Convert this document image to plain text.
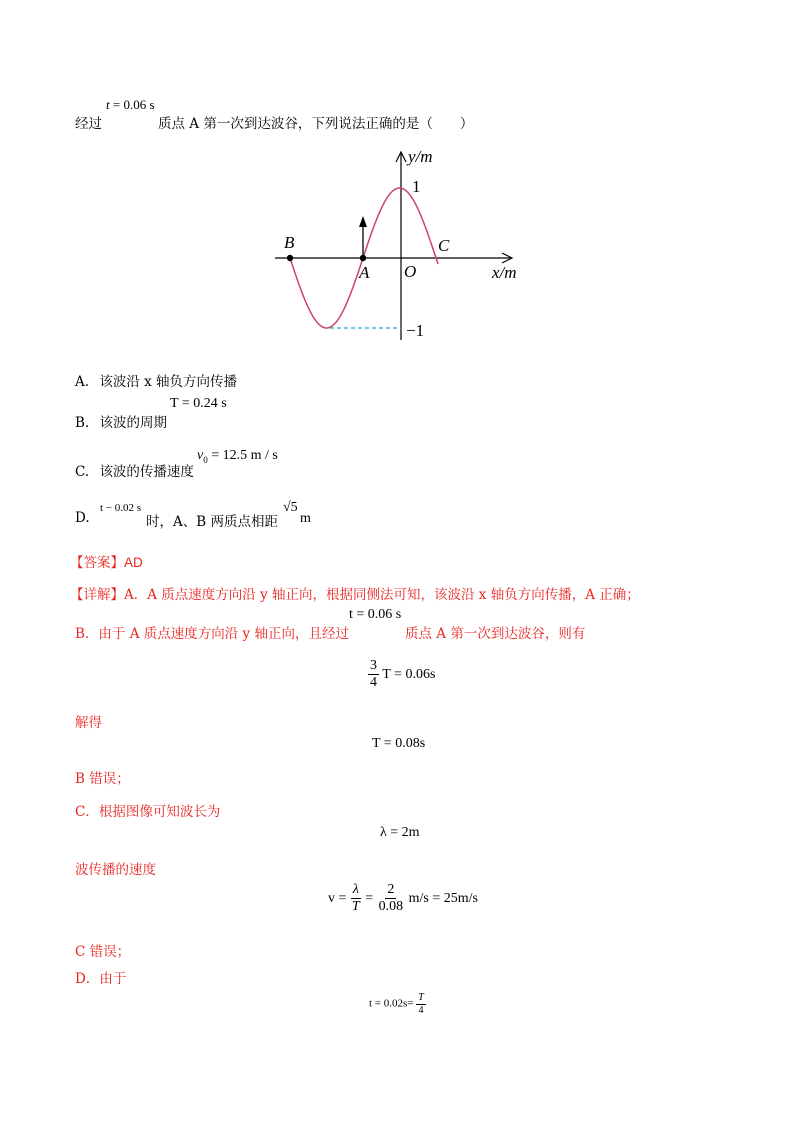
t = 0.06 s
经过	质点 A 第一次到达波谷，下列说法正确的是（　　）
y/m
1
−1
B
A O
C
x/m
A. 该波沿 x 轴负方向传播
T = 0.24 s
B. 该波的周期
$v_0 = 12.5$ m / s
C. 该波的传播速度
t − 0.02 s
D.	时，A、B 两质点相距
√5
m
【答案】AD
【详解】A．A 质点速度方向沿 y 轴正向，根据同侧法可知，该波沿 x 轴负方向传播，A 正确；
t = 0.06 s
B．由于 A 质点速度方向沿 y 轴正向，且经过	质点 A 第一次到达波谷，则有
$\frac{3}{4}$ T = 0.06s
解得
T = 0.08s
B 错误；
C．根据图像可知波长为
λ = 2m
波传播的速度
$v = \frac{\lambda}{T} = \frac{2}{0.08} m/s = 25m/s$
C 错误；
D．由于
$t = 0.02s= \frac{T}{4}$
